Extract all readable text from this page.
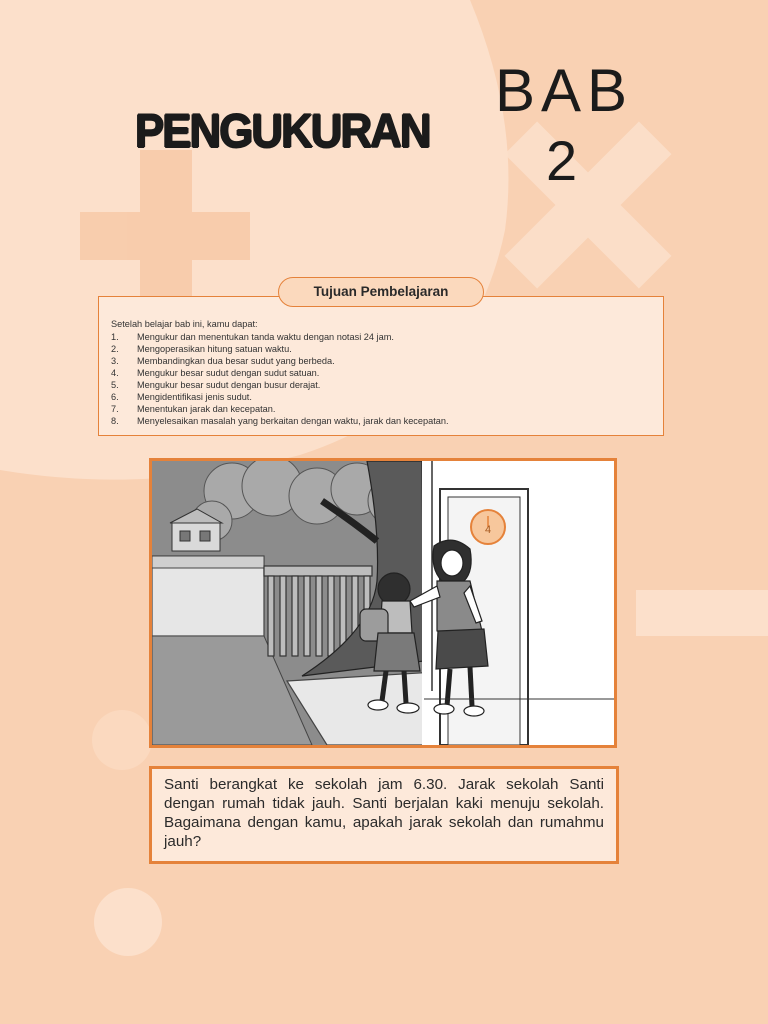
PENGUKURAN
BAB
2
Setelah belajar bab ini, kamu dapat:
1. Mengukur dan menentukan tanda waktu dengan notasi 24 jam.
2. Mengoperasikan hitung satuan waktu.
3. Membandingkan dua besar sudut yang berbeda.
4. Mengukur besar sudut dengan sudut satuan.
5. Mengukur besar sudut dengan busur derajat.
6. Mengidentifikasi jenis sudut.
7. Menentukan jarak dan kecepatan.
8. Menyelesaikan masalah yang berkaitan dengan waktu, jarak dan kecepatan.
Tujuan Pembelajaran
4

Santi berangkat ke sekolah jam 6.30. Jarak sekolah Santi dengan rumah tidak jauh. Santi berjalan kaki menuju sekolah. Bagaimana dengan kamu, apakah jarak sekolah dan rumahmu jauh?
